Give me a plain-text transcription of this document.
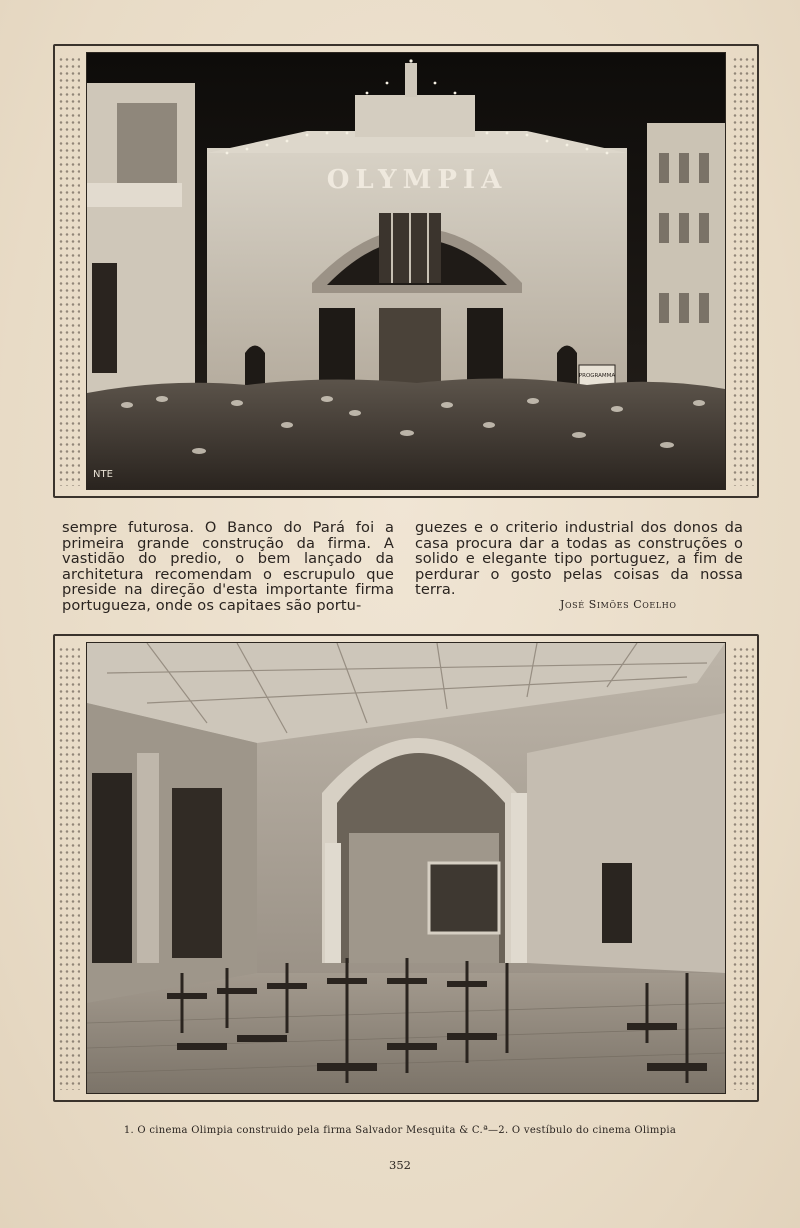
OLYMPIA
PROGRAMMA
NTE

sempre futurosa. O Banco do Pará foi a primeira grande construção da firma. A vastidão do predio, o bem lançado da architetura recomendam o escrupulo que preside na direção d'esta importante firma portugueza, onde os capitaes são portu-

guezes e o criterio industrial dos donos da casa procura dar a todas as construções o solido e elegante tipo portuguez, a fim de perdurar o gosto pelas coisas da nossa terra.

José Simões Coelho
1. O cinema Olimpia construido pela firma Salvador Mesquita & C.ª—2. O vestíbulo do cinema Olimpia
352
